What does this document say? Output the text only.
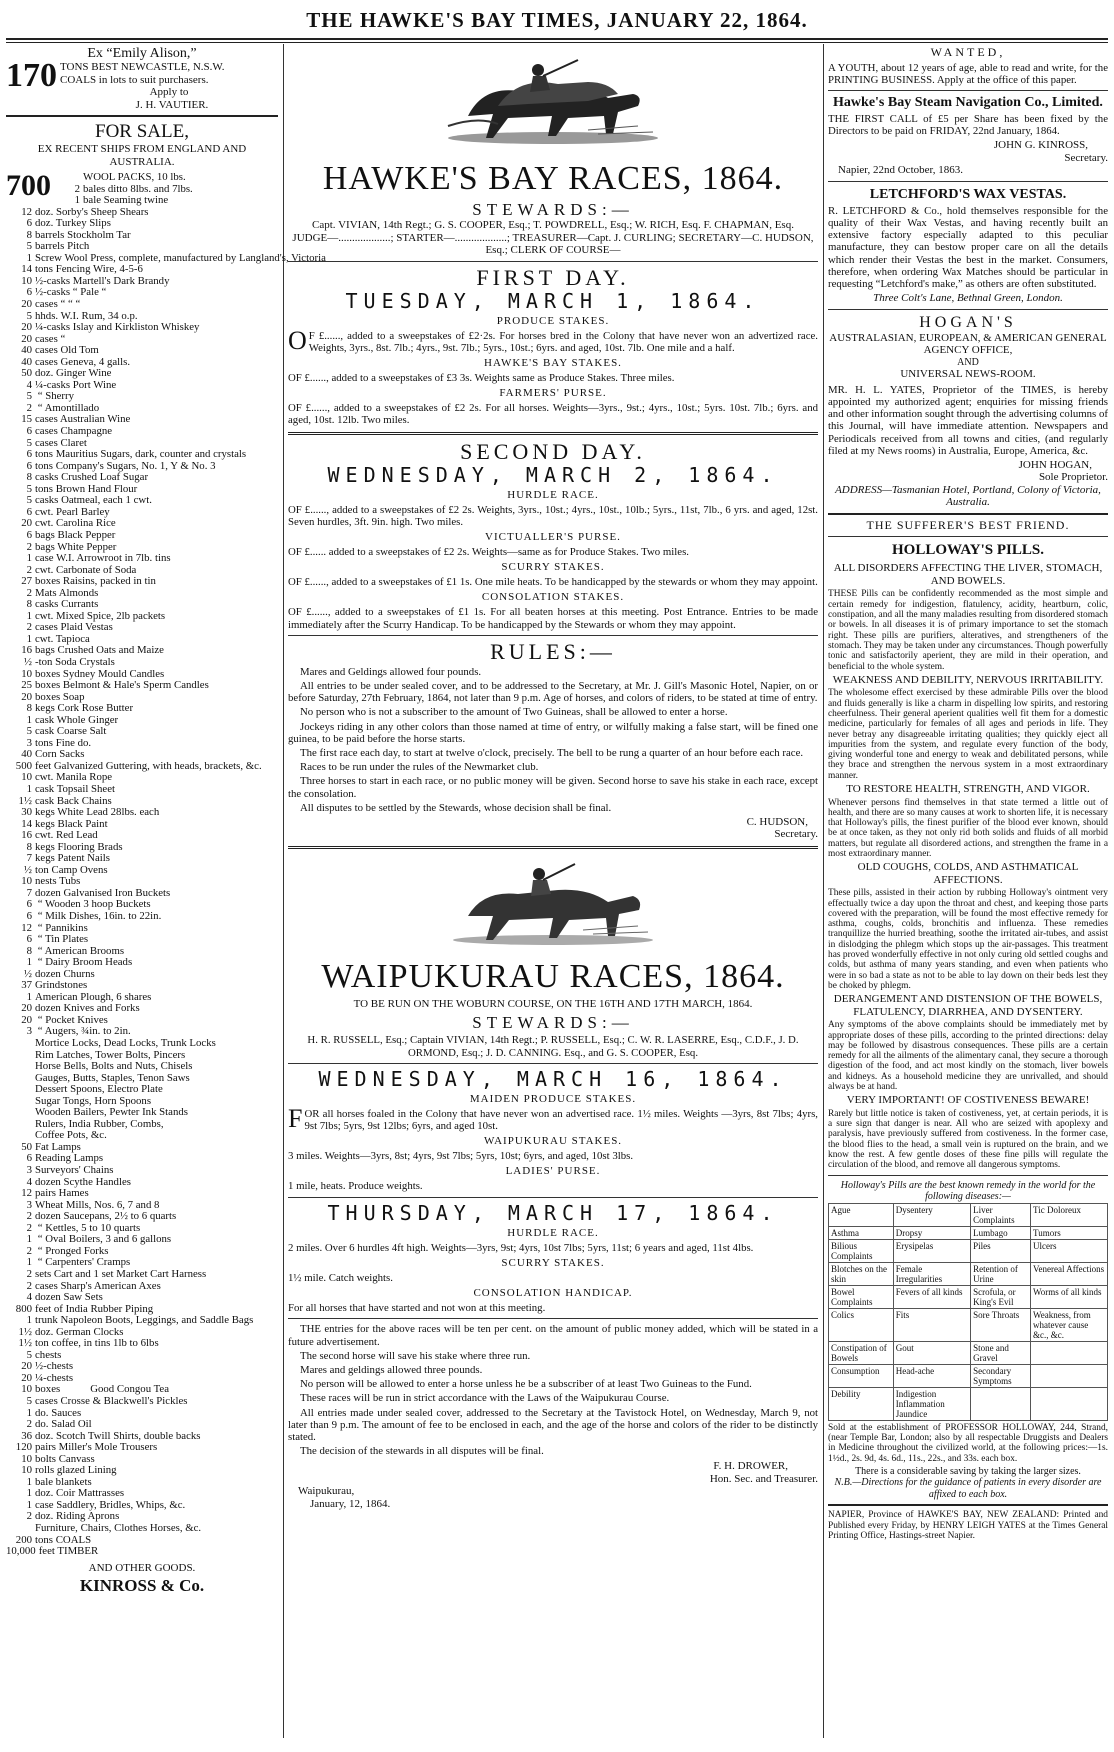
THE HAWKE'S BAY TIMES, JANUARY 22, 1864.
Ex “Emily Alison,”
170 TONS BEST NEWCASTLE, N.S.W.
COALS in lots to suit purchasers.
Apply to
J. H. VAUTIER.
FOR SALE,
EX RECENT SHIPS FROM ENGLAND AND AUSTRALIA.
700	WOOL PACKS, 10 lbs.
2 bales ditto 8lbs. and 7lbs.
1 bale Seaming twine
12 doz. Sorby's Sheep Shears
6 doz. Turkey Slips
8 barrels Stockholm Tar
5 barrels Pitch
1 Screw Wool Press, complete, manufactured by Langland's, Victoria
14 tons Fencing Wire, 4-5-6
10 ½-casks Martell's Dark Brandy
6 ½-casks “ Pale “
20 cases “ “ “
5 hhds. W.I. Rum, 34 o.p.
20 ¼-casks Islay and Kirkliston Whiskey
20 cases “
40 cases Old Tom
40 cases Geneva, 4 galls.
50 doz. Ginger Wine
4 ¼-casks Port Wine
5 “ Sherry
2 “ Amontillado
15 cases Australian Wine
6 cases Champagne
5 cases Claret
6 tons Mauritius Sugars, dark, counter and crystals
6 tons Company's Sugars, No. 1, Y & No. 3
8 casks Crushed Loaf Sugar
5 tons Brown Hand Flour
5 casks Oatmeal, each 1 cwt.
6 cwt. Pearl Barley
20 cwt. Carolina Rice
6 bags Black Pepper
2 bags White Pepper
1 case W.I. Arrowroot in 7lb. tins
2 cwt. Carbonate of Soda
27 boxes Raisins, packed in tin
2 Mats Almonds
8 casks Currants
1 cwt. Mixed Spice, 2lb packets
2 cases Plaid Vestas
1 cwt. Tapioca
16 bags Crushed Oats and Maize
½ -ton Soda Crystals
10 boxes Sydney Mould Candles
25 boxes Belmont & Hale's Sperm Candles
20 boxes Soap
8 kegs Cork Rose Butter
1 cask Whole Ginger
5 cask Coarse Salt
3 tons Fine do.
40 Corn Sacks
500 feet Galvanized Guttering, with heads, brackets, &c.
10 cwt. Manila Rope
1 cask Topsail Sheet
1½ cask Back Chains
30 kegs White Lead 28lbs. each
14 kegs Black Paint
16 cwt. Red Lead
8 kegs Flooring Brads
7 kegs Patent Nails
½ ton Camp Ovens
10 nests Tubs
7 dozen Galvanised Iron Buckets
6 “ Wooden 3 hoop Buckets
6 “ Milk Dishes, 16in. to 22in.
12 “ Pannikins
6 “ Tin Plates
8 “ American Brooms
1 “ Dairy Broom Heads
½ dozen Churns
37 Grindstones
1 American Plough, 6 shares
20 dozen Knives and Forks
20 “ Pocket Knives
3 “ Augers, ¾in. to 2in.
Mortice Locks, Dead Locks, Trunk Locks
Rim Latches, Tower Bolts, Pincers
Horse Bells, Bolts and Nuts, Chisels
Gauges, Butts, Staples, Tenon Saws
Dessert Spoons, Electro Plate
Sugar Tongs, Horn Spoons
Wooden Bailers, Pewter Ink Stands
Rulers, India Rubber, Combs,
Coffee Pots, &c.
50 Fat Lamps
6 Reading Lamps
3 Surveyors' Chains
4 dozen Scythe Handles
12 pairs Hames
3 Wheat Mills, Nos. 6, 7 and 8
2 dozen Saucepans, 2½ to 6 quarts
2 “ Kettles, 5 to 10 quarts
1 “ Oval Boilers, 3 and 6 gallons
2 “ Pronged Forks
1 “ Carpenters' Cramps
2 sets Cart and 1 set Market Cart Harness
2 cases Sharp's American Axes
4 dozen Saw Sets
800 feet of India Rubber Piping
1 trunk Napoleon Boots, Leggings, and Saddle Bags
1½ doz. German Clocks
1½ ton coffee, in tins 1lb to 6lbs
5 chests
20 ½-chests
20 ¼-chests
10 boxes	Good Congou Tea
5 cases Crosse & Blackwell's Pickles
1 do. Sauces
2 do. Salad Oil
36 doz. Scotch Twill Shirts, double backs
120 pairs Miller's Mole Trousers
10 bolts Canvass
10 rolls glazed Lining
1 bale blankets
1 doz. Coir Mattrasses
1 case Saddlery, Bridles, Whips, &c.
2 doz. Riding Aprons
Furniture, Chairs, Clothes Horses, &c.
200 tons COALS
10,000 feet TIMBER
AND OTHER GOODS.
KINROSS & Co.
HAWKE'S BAY RACES, 1864.
STEWARDS:—
Capt. VIVIAN, 14th Regt.; G. S. COOPER, Esq.; T. POWDRELL, Esq.; W. RICH, Esq. F. CHAPMAN, Esq.
JUDGE—...................; STARTER—...................; TREASURER—Capt. J. CURLING; SECRETARY—C. HUDSON, Esq.; CLERK OF COURSE—
FIRST DAY.
TUESDAY, MARCH 1, 1864.
PRODUCE STAKES.
O F £......, added to a sweepstakes of £2·2s. For horses bred in the Colony that have never won an advertized race. Weights, 3yrs., 8st. 7lb.; 4yrs., 9st. 7lb.; 5yrs., 10st.; 6yrs. and aged, 10st. 7lb. One mile and a half.
HAWKE'S BAY STAKES.
OF £......, added to a sweepstakes of £3 3s. Weights same as Produce Stakes. Three miles.
FARMERS' PURSE.
OF £......, added to a sweepstakes of £2 2s. For all horses. Weights—3yrs., 9st.; 4yrs., 10st.; 5yrs. 10st. 7lb.; 6yrs. and aged, 10st. 12lb. Two miles.
SECOND DAY.
WEDNESDAY, MARCH 2, 1864.
HURDLE RACE.
OF £......, added to a sweepstakes of £2 2s. Weights, 3yrs., 10st.; 4yrs., 10st., 10lb.; 5yrs., 11st, 7lb., 6 yrs. and aged, 12st. Seven hurdles, 3ft. 9in. high. Two miles.
VICTUALLER'S PURSE.
OF £...... added to a sweepstakes of £2 2s. Weights—same as for Produce Stakes. Two miles.
SCURRY STAKES.
OF £......, added to a sweepstakes of £1 1s. One mile heats. To be handicapped by the stewards or whom they may appoint.
CONSOLATION STAKES.
OF £......, added to a sweepstakes of £1 1s. For all beaten horses at this meeting. Post Entrance. Entries to be made immediately after the Scurry Handicap. To be handicapped by the Stewards or whom they may appoint.
RULES:—
Mares and Geldings allowed four pounds.
All entries to be under sealed cover, and to be addressed to the Secretary, at Mr. J. Gill's Masonic Hotel, Napier, on or before Saturday, 27th February, 1864, not later than 9 p.m. Age of horses, and colors of riders, to be stated at time of entry.
No person who is not a subscriber to the amount of Two Guineas, shall be allowed to enter a horse.
Jockeys riding in any other colors than those named at time of entry, or wilfully making a false start, will be fined one guinea, to be paid before the horse starts.
The first race each day, to start at twelve o'clock, precisely. The bell to be rung a quarter of an hour before each race.
Races to be run under the rules of the Newmarket club.
Three horses to start in each race, or no public money will be given. Second horse to save his stake in each race, except the consolation.
All disputes to be settled by the Stewards, whose decision shall be final.
C. HUDSON,
Secretary.
WAIPUKURAU RACES, 1864.
TO BE RUN ON THE WOBURN COURSE, ON THE 16TH AND 17TH MARCH, 1864.
STEWARDS:—
H. R. RUSSELL, Esq.; Captain VIVIAN, 14th Regt.; P. RUSSELL, Esq.; C. W. R. LASERRE, Esq., C.D.F., J. D. ORMOND, Esq.; J. D. CANNING. Esq., and G. S. COOPER, Esq.
WEDNESDAY, MARCH 16, 1864.
MAIDEN PRODUCE STAKES.
FOR all horses foaled in the Colony that have never won an advertised race. 1½ miles. Weights —3yrs, 8st 7lbs; 4yrs, 9st 7lbs; 5yrs, 9st 12lbs; 6yrs, and aged 10st.
WAIPUKURAU STAKES.
3 miles. Weights—3yrs, 8st; 4yrs, 9st 7lbs; 5yrs, 10st; 6yrs, and aged, 10st 3lbs.
LADIES' PURSE.
1 mile, heats. Produce weights.
THURSDAY, MARCH 17, 1864.
HURDLE RACE.
2 miles. Over 6 hurdles 4ft high. Weights—3yrs, 9st; 4yrs, 10st 7lbs; 5yrs, 11st; 6 years and aged, 11st 4lbs.
SCURRY STAKES.
1½ mile. Catch weights.
CONSOLATION HANDICAP.
For all horses that have started and not won at this meeting.
THE entries for the above races will be ten per cent. on the amount of public money added, which will be stated in a future advertisement.
The second horse will save his stake where three run.
Mares and geldings allowed three pounds.
No person will be allowed to enter a horse unless he be a subscriber of at least Two Guineas to the Fund.
These races will be run in strict accordance with the Laws of the Waipukurau Course.
All entries made under sealed cover, addressed to the Secretary at the Tavistock Hotel, on Wednesday, March 9, not later than 9 p.m. The amount of fee to be enclosed in each, and the age of the horse and colors of the rider to be distinctly stated.
The decision of the stewards in all disputes will be final.
F. H. DROWER,
Hon. Sec. and Treasurer.
Waipukurau,
January, 12, 1864.
WANTED,
A YOUTH, about 12 years of age, able to read and write, for the PRINTING BUSINESS. Apply at the office of this paper.
Hawke's Bay Steam Navigation Co., Limited.
THE FIRST CALL of £5 per Share has been fixed by the Directors to be paid on FRIDAY, 22nd January, 1864.
JOHN G. KINROSS,
Secretary.
Napier, 22nd October, 1863.
LETCHFORD'S WAX VESTAS.
R. LETCHFORD & Co., hold themselves responsible for the quality of their Wax Vestas, and having recently built an extensive factory especially adapted to this peculiar manufacture, they can bestow proper care on all the details which render their Vestas the best in the market. Consumers, therefore, when ordering Wax Matches should be particular in requesting “Letchford's make,” as others are often substituted.
Three Colt's Lane, Bethnal Green, London.
HOGAN'S
AUSTRALASIAN, EUROPEAN, & AMERICAN GENERAL AGENCY OFFICE,
AND
UNIVERSAL NEWS-ROOM.
MR. H. L. YATES, Proprietor of the TIMES, is hereby appointed my authorized agent; enquiries for missing friends and other information sought through the advertising columns of this Journal, will have immediate attention. Newspapers and Periodicals received from all towns and cities, (and regularly filed at my News rooms) in Australia, Europe, America, &c.
JOHN HOGAN,
Sole Proprietor.
ADDRESS—Tasmanian Hotel, Portland, Colony of Victoria, Australia.
THE SUFFERER'S BEST FRIEND.
HOLLOWAY'S PILLS.
ALL DISORDERS AFFECTING THE LIVER, STOMACH, AND BOWELS.
THESE Pills can be confidently recommended as the most simple and certain remedy for indigestion, flatulency, acidity, heartburn, colic, constipation, and all the many maladies resulting from disordered stomach or bowels. In all diseases it is of primary importance to set the stomach right. These pills are purifiers, alteratives, and strengtheners of the stomach. They may be taken under any circumstances. Though powerfully tonic and satisfactorily aperient, they are mild in their operation, and beneficial to the whole system.
WEAKNESS AND DEBILITY, NERVOUS IRRITABILITY.
The wholesome effect exercised by these admirable Pills over the blood and fluids generally is like a charm in dispelling low spirits, and restoring cheerfulness. Their general aperient qualities well fit them for a domestic medicine, particularly for females of all ages and periods in life. They never betray any disagreeable irritating qualities; they quickly eject all impurities from the system, and regulate every function of the body, giving wonderful tone and energy to weak and debilitated persons, while they brace and strengthen the nervous system in a most extraordinary manner.
TO RESTORE HEALTH, STRENGTH, AND VIGOR.
Whenever persons find themselves in that state termed a little out of health, and there are so many causes at work to shorten life, it is necessary that Holloway's pills, the finest purifier of the blood ever known, should be at once taken, as they not only rid both solids and fluids of all morbid matters, but regulate all disordered actions, and strengthen the frame in a most extraordinary manner.
OLD COUGHS, COLDS, AND ASTHMATICAL AFFECTIONS.
These pills, assisted in their action by rubbing Holloway's ointment very effectually twice a day upon the throat and chest, and keeping those parts covered with the preparation, will be found the most effective remedy for asthma, coughs, colds, bronchitis and influenza. These remedies tranquillize the hurried breathing, soothe the irritated air-tubes, and assist in dislodging the phlegm which stops up the air-passages. This treatment has proved wonderfully effective in not only curing old settled coughs and colds, but asthma of many years standing, and even when patients who were in so bad a state as not to be able to lay down on their beds lest they be choked by phlegm.
DERANGEMENT AND DISTENSION OF THE BOWELS, FLATULENCY, DIARRHEA, AND DYSENTERY.
Any symptoms of the above complaints should be immediately met by appropriate doses of these pills, according to the printed directions: delay may be followed by disastrous consequences. These pills are a certain remedy for all the ailments of the alimentary canal, they secure a thorough digestion of the food, and act most kindly on the stomach, liver bowels and kidneys. As a household medicine they are unrivalled, and should always be at hand.
VERY IMPORTANT! OF COSTIVENESS BEWARE!
Rarely but little notice is taken of costiveness, yet, at certain periods, it is a sure sign that danger is near. All who are seized with apoplexy and paralysis, have previously suffered from costiveness. In the former case, the blood flies to the head, a small vein is ruptured on the brain, and we know the rest. A few gentle doses of these fine pills will regulate the circulation of the blood, and remove all dangerous symptoms.
Holloway's Pills are the best known remedy in the world for the following diseases:—
Ague	Dysentery	Liver Complaints	Tic Doloreux
Asthma	Dropsy	Lumbago	Tumors
Bilious Complaints	Erysipelas	Piles	Ulcers
Blotches on the skin	Female Irregularities	Retention of Urine	Venereal Affections
Bowel Complaints	Fevers of all kinds	Scrofula, or King's Evil	Worms of all kinds
Colics	Fits	Sore Throats	Weakness, from whatever cause &c., &c.
Constipation of Bowels	Gout	Stone and Gravel	
Consumption	Head-ache	Secondary Symptoms	
Debility	Indigestion Inflammation Jaundice		
Sold at the establishment of PROFESSOR HOLLOWAY, 244, Strand, (near Temple Bar, London; also by all respectable Druggists and Dealers in Medicine throughout the civilized world, at the following prices:—1s. 1½d., 2s. 9d, 4s. 6d., 11s., 22s., and 33s. each box.
There is a considerable saving by taking the larger sizes.
N.B.—Directions for the guidance of patients in every disorder are affixed to each box.
NAPIER, Province of HAWKE'S BAY, NEW ZEALAND: Printed and Published every Friday, by HENRY LEIGH YATES at the Times General Printing Office, Hastings-street Napier.
